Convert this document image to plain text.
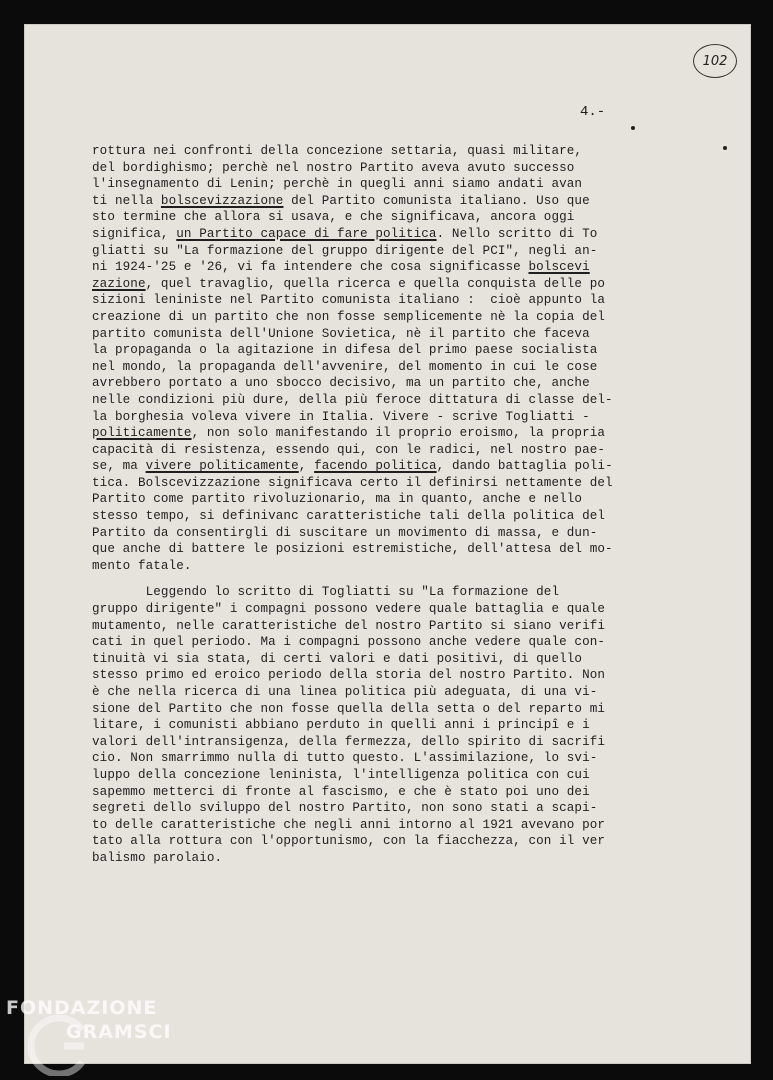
102
4.-
rottura nei confronti della concezione settaria, quasi militare,
del bordighismo; perchè nel nostro Partito aveva avuto successo
l'insegnamento di Lenin; perchè in quegli anni siamo andati avan
ti nella bolscevizzazione del Partito comunista italiano. Uso que
sto termine che allora si usava, e che significava, ancora oggi
significa, un Partito capace di fare politica. Nello scritto di To
gliatti su "La formazione del gruppo dirigente del PCI", negli an-
ni 1924-'25 e '26, vi fa intendere che cosa significasse bolscevi
zazione, quel travaglio, quella ricerca e quella conquista delle po
sizioni leniniste nel Partito comunista italiano :  cioè appunto la
creazione di un partito che non fosse semplicemente nè la copia del
partito comunista dell'Unione Sovietica, nè il partito che faceva
la propaganda o la agitazione in difesa del primo paese socialista
nel mondo, la propaganda dell'avvenire, del momento in cui le cose
avrebbero portato a uno sbocco decisivo, ma un partito che, anche
nelle condizioni più dure, della più feroce dittatura di classe del-
la borghesia voleva vivere in Italia. Vivere - scrive Togliatti -
politicamente, non solo manifestando il proprio eroismo, la propria
capacità di resistenza, essendo qui, con le radici, nel nostro pae-
se, ma vivere politicamente, facendo politica, dando battaglia poli-
tica. Bolscevizzazione significava certo il definirsi nettamente del
Partito come partito rivoluzionario, ma in quanto, anche e nello
stesso tempo, si definivanc caratteristiche tali della politica del
Partito da consentirgli di suscitare un movimento di massa, e dun-
que anche di battere le posizioni estremistiche, dell'attesa del mo-
mento fatale.
Leggendo lo scritto di Togliatti su "La formazione del
gruppo dirigente" i compagni possono vedere quale battaglia e quale
mutamento, nelle caratteristiche del nostro Partito si siano verifi
cati in quel periodo. Ma i compagni possono anche vedere quale con-
tinuità vi sia stata, di certi valori e dati positivi, di quello
stesso primo ed eroico periodo della storia del nostro Partito. Non
è che nella ricerca di una linea politica più adeguata, di una vi-
sione del Partito che non fosse quella della setta o del reparto mi
litare, i comunisti abbiano perduto in quelli anni i principî e i
valori dell'intransigenza, della fermezza, dello spirito di sacrifi
cio. Non smarrimmo nulla di tutto questo. L'assimilazione, lo svi-
luppo della concezione leninista, l'intelligenza politica con cui
sapemmo metterci di fronte al fascismo, e che è stato poi uno dei
segreti dello sviluppo del nostro Partito, non sono stati a scapi-
to delle caratteristiche che negli anni intorno al 1921 avevano por
tato alla rottura con l'opportunismo, con la fiacchezza, con il ver
balismo parolaio.
FONDAZIONE
GRAMSCI
